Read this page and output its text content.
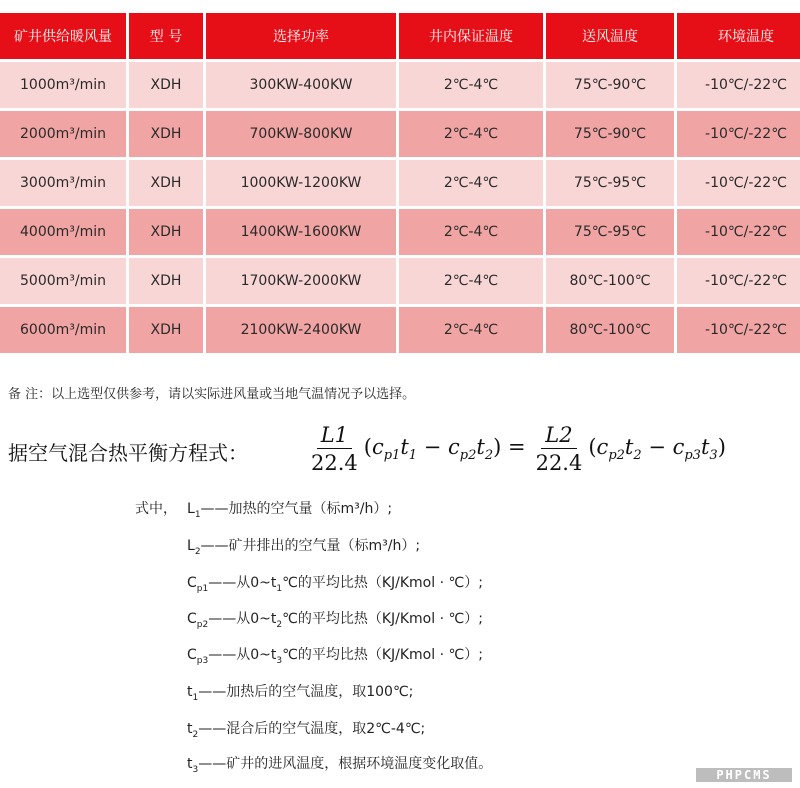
矿井供给暖风量	型 号	选择功率	井内保证温度	送风温度	环境温度
1000m³/min	XDH	300KW-400KW	2℃-4℃	75℃-90℃	-10℃/-22℃
2000m³/min	XDH	700KW-800KW	2℃-4℃	75℃-90℃	-10℃/-22℃
3000m³/min	XDH	1000KW-1200KW	2℃-4℃	75℃-95℃	-10℃/-22℃
4000m³/min	XDH	1400KW-1600KW	2℃-4℃	75℃-95℃	-10℃/-22℃
5000m³/min	XDH	1700KW-2000KW	2℃-4℃	80℃-100℃	-10℃/-22℃
6000m³/min	XDH	2100KW-2400KW	2℃-4℃	80℃-100℃	-10℃/-22℃
备 注：以上选型仅供参考，请以实际进风量或当地气温情况予以选择。
据空气混合热平衡方程式：	$\frac{L1}{22.4} (c_{p1}t_1 - c_{p2}t_2) = \frac{L2}{22.4} (c_{p2}t_2 - c_{p3}t_3)$
式中， $L_1——$加热的空气量（标m³/h）;
$L_2——$矿井排出的空气量（标m³/h）;
$C_{p1}——$从$0\sim t_1℃$的平均比热（KJ/Kmol · ℃）;
$C_{p2}——$从$0\sim t_2℃$的平均比热（KJ/Kmol · ℃）;
$C_{p3}——$从$0\sim t_3℃$的平均比热（KJ/Kmol · ℃）;
$t_1——$加热后的空气温度，取100℃;
$t_2——$混合后的空气温度，取2℃-4℃;
$t_3——$矿井的进风温度，根据环境温度变化取值。
PHPCMS
